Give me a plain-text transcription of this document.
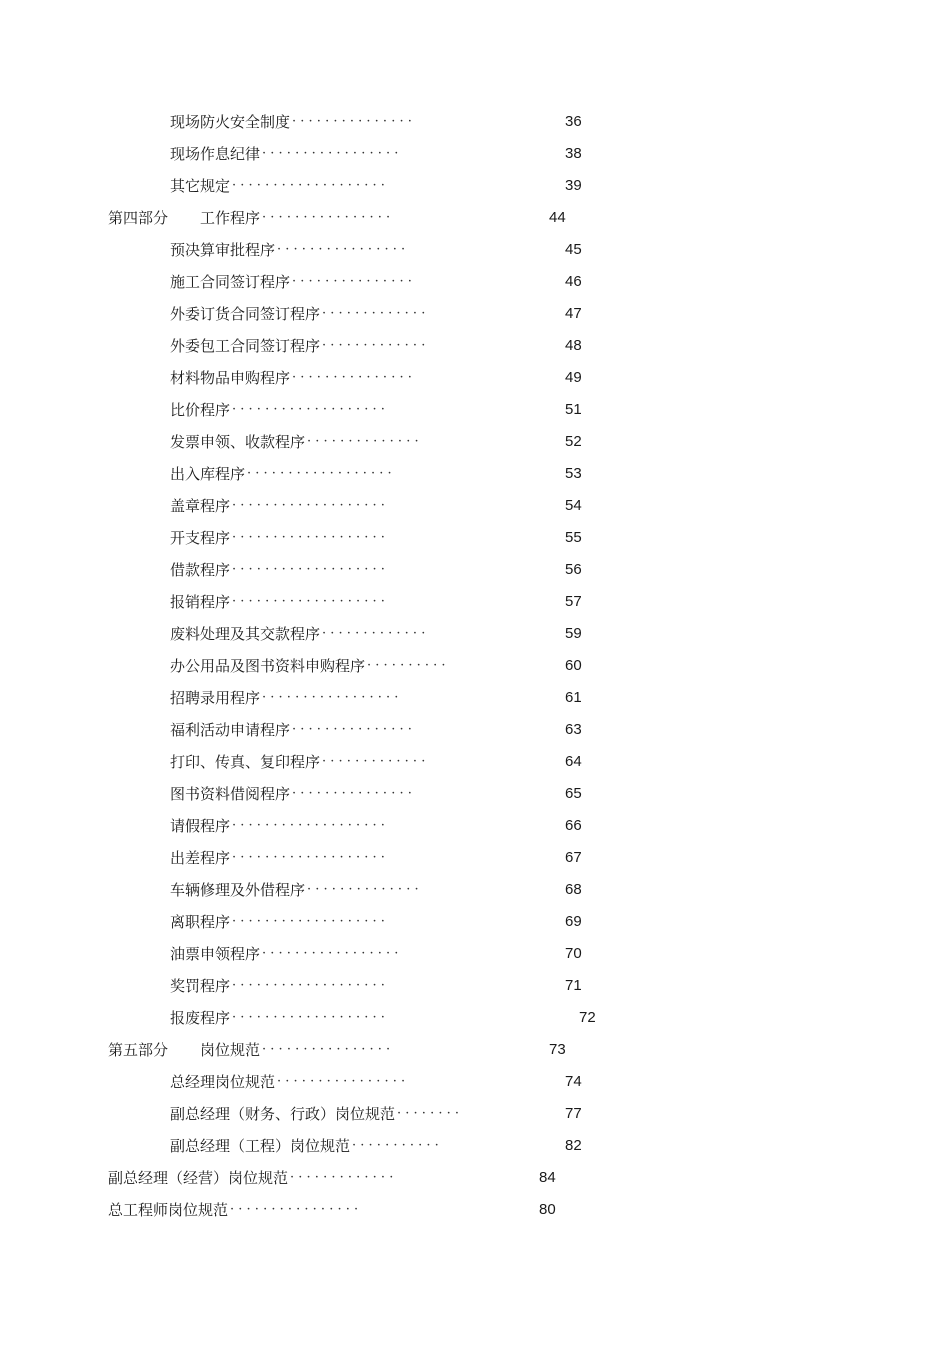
现场防火安全制度 · · · · · · · · · · · · · · ·	36
现场作息纪律 · · · · · · · · · · · · · · · · ·	38
其它规定 · · · · · · · · · · · · · · · · · · ·	39
第四部分 工作程序 · · · · · · · · · · · · · · · ·	44
预决算审批程序 · · · · · · · · · · · · · · · ·	45
施工合同签订程序 · · · · · · · · · · · · · · ·	46
外委订货合同签订程序 · · · · · · · · · · · · ·	47
外委包工合同签订程序 · · · · · · · · · · · · ·	48
材料物品申购程序 · · · · · · · · · · · · · · ·	49
比价程序 · · · · · · · · · · · · · · · · · · ·	51
发票申领、收款程序 · · · · · · · · · · · · · ·	52
出入库程序 · · · · · · · · · · · · · · · · · ·	53
盖章程序 · · · · · · · · · · · · · · · · · · ·	54
开支程序 · · · · · · · · · · · · · · · · · · ·	55
借款程序 · · · · · · · · · · · · · · · · · · ·	56
报销程序 · · · · · · · · · · · · · · · · · · ·	57
废料处理及其交款程序 · · · · · · · · · · · · ·	59
办公用品及图书资料申购程序 · · · · · · · · · ·	60
招聘录用程序 · · · · · · · · · · · · · · · · ·	61
福利活动申请程序 · · · · · · · · · · · · · · ·	63
打印、传真、复印程序 · · · · · · · · · · · · ·	64
图书资料借阅程序 · · · · · · · · · · · · · · ·	65
请假程序 · · · · · · · · · · · · · · · · · · ·	66
出差程序 · · · · · · · · · · · · · · · · · · ·	67
车辆修理及外借程序 · · · · · · · · · · · · · ·	68
离职程序 · · · · · · · · · · · · · · · · · · ·	69
油票申领程序 · · · · · · · · · · · · · · · · ·	70
奖罚程序 · · · · · · · · · · · · · · · · · · ·	71
报废程序 · · · · · · · · · · · · · · · · · · ·	72
第五部分 岗位规范 · · · · · · · · · · · · · · · ·	73
总经理岗位规范 · · · · · · · · · · · · · · · ·	74
副总经理（财务、行政）岗位规范 · · · · · · · ·	77
副总经理（工程）岗位规范 · · · · · · · · · · ·	82
副总经理（经营）岗位规范 · · · · · · · · · · · · ·	84
总工程师岗位规范 · · · · · · · · · · · · · · · ·	80
